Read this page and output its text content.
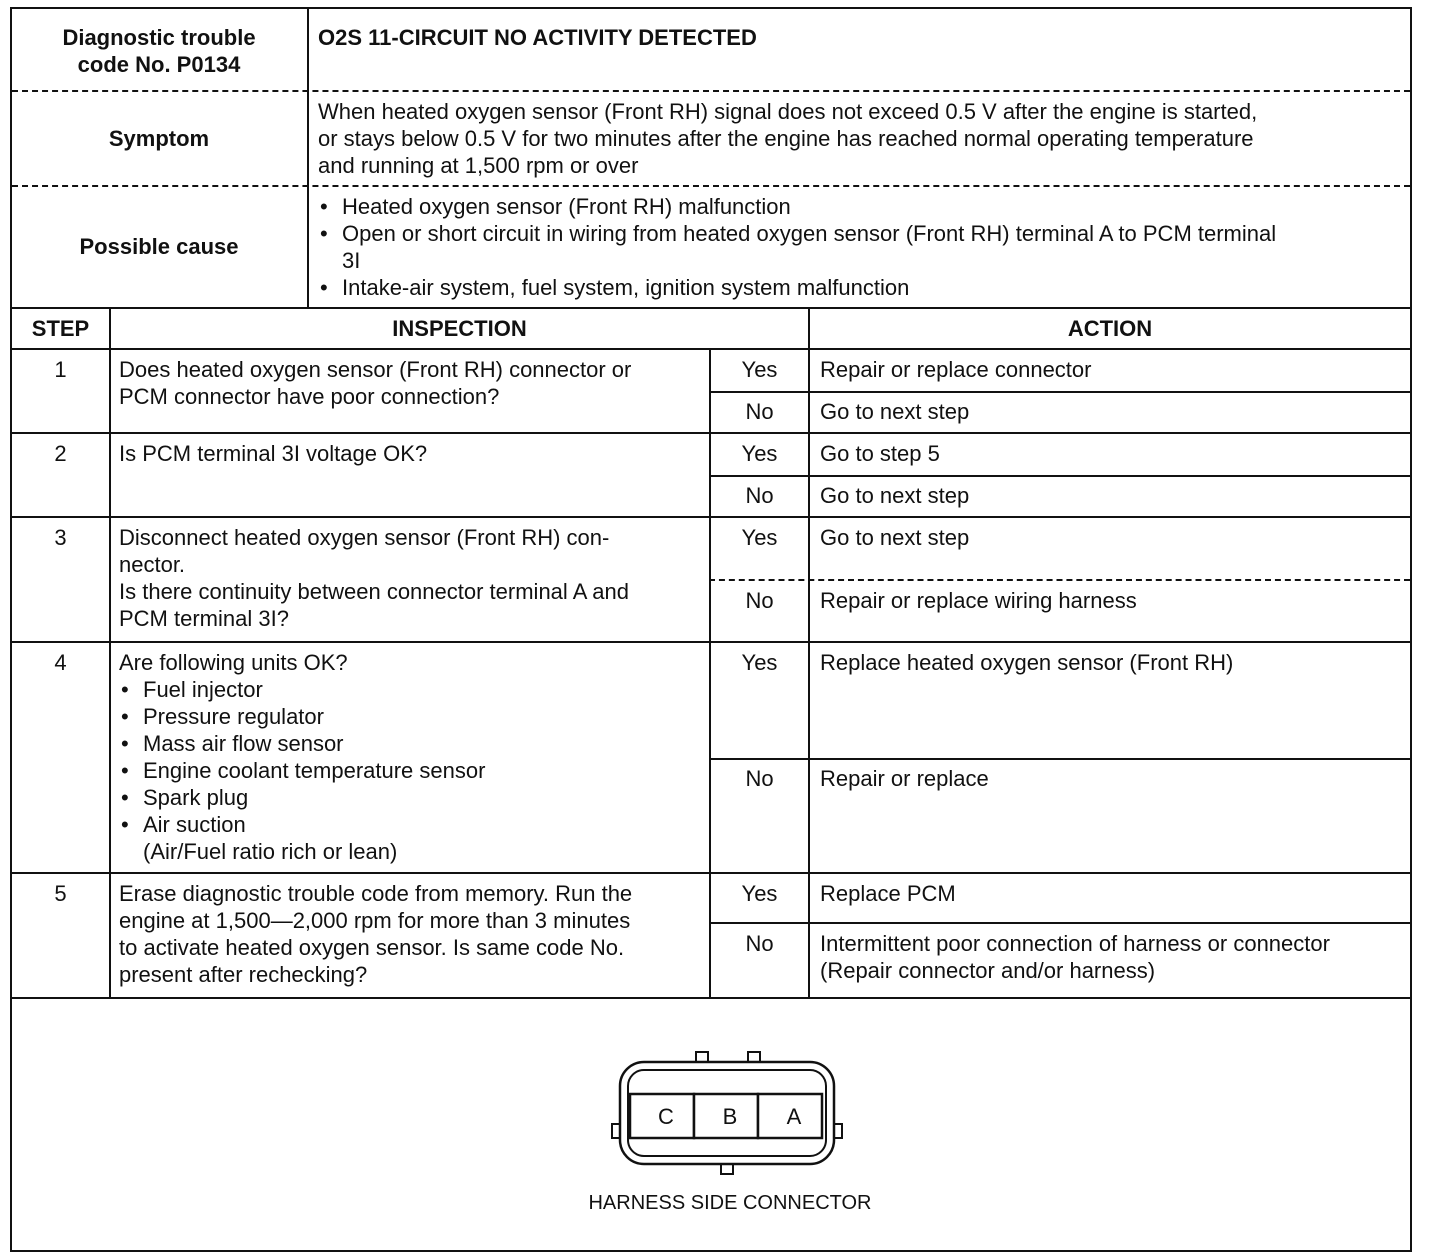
Diagnostic trouble
code No. P0134
O2S 11-CIRCUIT NO ACTIVITY DETECTED
Symptom
When heated oxygen sensor (Front RH) signal does not exceed 0.5 V after the engine is started,
or stays below 0.5 V for two minutes after the engine has reached normal operating temperature
and running at 1,500 rpm or over
Possible cause
• Heated oxygen sensor (Front RH) malfunction
• Open or short circuit in wiring from heated oxygen sensor (Front RH) terminal A to PCM terminal
3I
• Intake-air system, fuel system, ignition system malfunction
STEP	INSPECTION	ACTION
1	Does heated oxygen sensor (Front RH) connector or
PCM connector have poor connection?
Yes	Repair or replace connector
No	Go to next step
2	Is PCM terminal 3I voltage OK?	Yes	Go to step 5
No	Go to next step
3	Disconnect heated oxygen sensor (Front RH) con-
nector.
Is there continuity between connector terminal A and
PCM terminal 3I?
Yes	Go to next step
No	Repair or replace wiring harness
4	Are following units OK?
• Fuel injector
• Pressure regulator
• Mass air flow sensor
• Engine coolant temperature sensor
• Spark plug
• Air suction
(Air/Fuel ratio rich or lean)
Yes	Replace heated oxygen sensor (Front RH)
No	Repair or replace
5	Erase diagnostic trouble code from memory. Run the
engine at 1,500—2,000 rpm for more than 3 minutes
to activate heated oxygen sensor. Is same code No.
present after rechecking?
Yes	Replace PCM
No	Intermittent poor connection of harness or connector
(Repair connector and/or harness)
C B A
HARNESS SIDE CONNECTOR
